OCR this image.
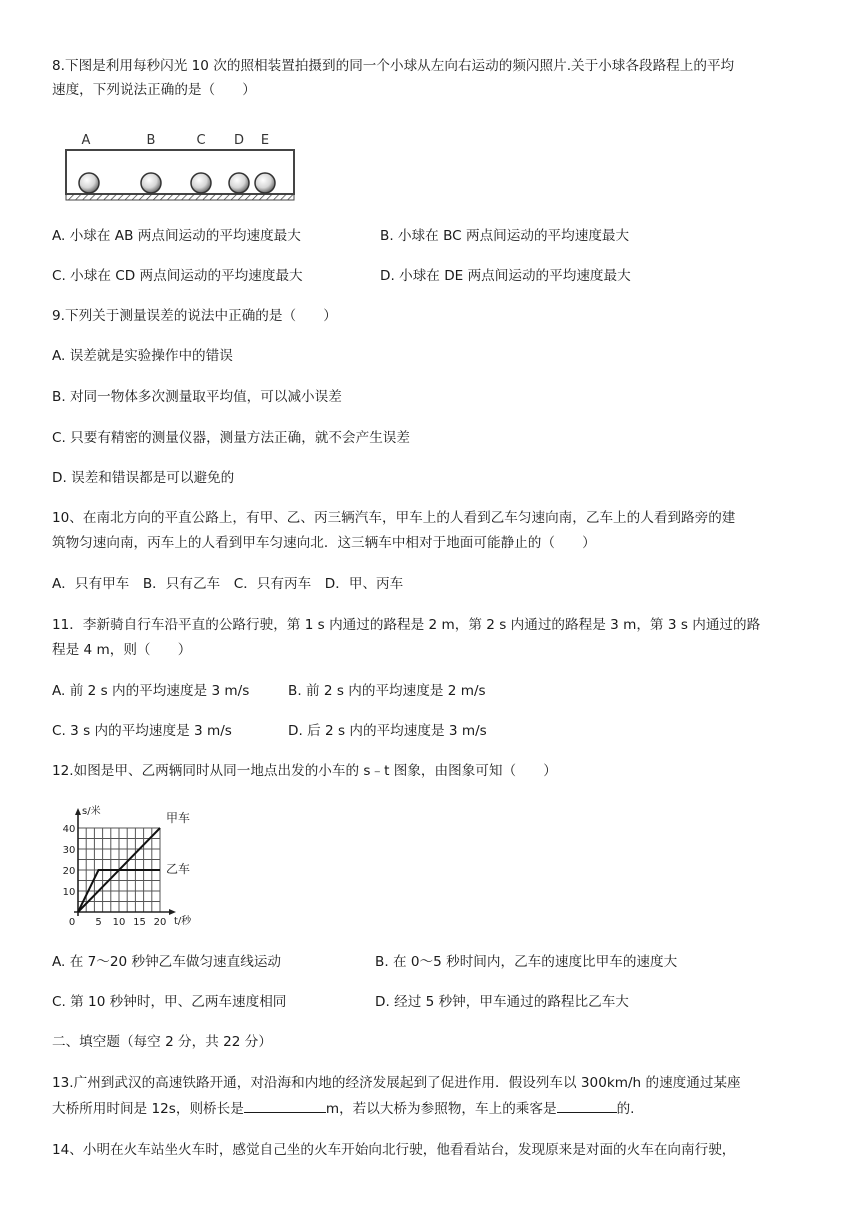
8.下图是利用每秒闪光 10 次的照相装置拍摄到的同一个小球从左向右运动的频闪照片.关于小球各段路程上的平均
速度，下列说法正确的是（　　）
A	B	C D E
A. 小球在 AB 两点间运动的平均速度最大	B. 小球在 BC 两点间运动的平均速度最大
C. 小球在 CD 两点间运动的平均速度最大	D. 小球在 DE 两点间运动的平均速度最大
9.下列关于测量误差的说法中正确的是（　　）
A. 误差就是实验操作中的错误
B. 对同一物体多次测量取平均值，可以减小误差
C. 只要有精密的测量仪器，测量方法正确，就不会产生误差
D. 误差和错误都是可以避免的
10、在南北方向的平直公路上，有甲、乙、丙三辆汽车，甲车上的人看到乙车匀速向南，乙车上的人看到路旁的建
筑物匀速向南，丙车上的人看到甲车匀速向北．这三辆车中相对于地面可能静止的（　　）
A．只有甲车　B．只有乙车　C．只有丙车　D．甲、丙车
11．李新骑自行车沿平直的公路行驶，第 1 s 内通过的路程是 2 m，第 2 s 内通过的路程是 3 m，第 3 s 内通过的路
程是 4 m，则（　　）
A. 前 2 s 内的平均速度是 3 m/s	B. 前 2 s 内的平均速度是 2 m/s
C. 3 s 内的平均速度是 3 m/s	D. 后 2 s 内的平均速度是 3 m/s
12.如图是甲、乙两辆同时从同一地点出发的小车的 s﹣t 图象，由图象可知（　　）
s/米
t/秒
0
10
20
30
40
5 10 15 20
甲车
乙车
A. 在 7～20 秒钟乙车做匀速直线运动	B. 在 0～5 秒时间内，乙车的速度比甲车的速度大
C. 第 10 秒钟时，甲、乙两车速度相同	D. 经过 5 秒钟，甲车通过的路程比乙车大
二、填空题（每空 2 分，共 22 分）
13.广州到武汉的高速铁路开通，对沿海和内地的经济发展起到了促进作用．假设列车以 300km/h 的速度通过某座
大桥所用时间是 12s，则桥长是	m，若以大桥为参照物，车上的乘客是	的.
14、小明在火车站坐火车时，感觉自己坐的火车开始向北行驶，他看看站台，发现原来是对面的火车在向南行驶，
